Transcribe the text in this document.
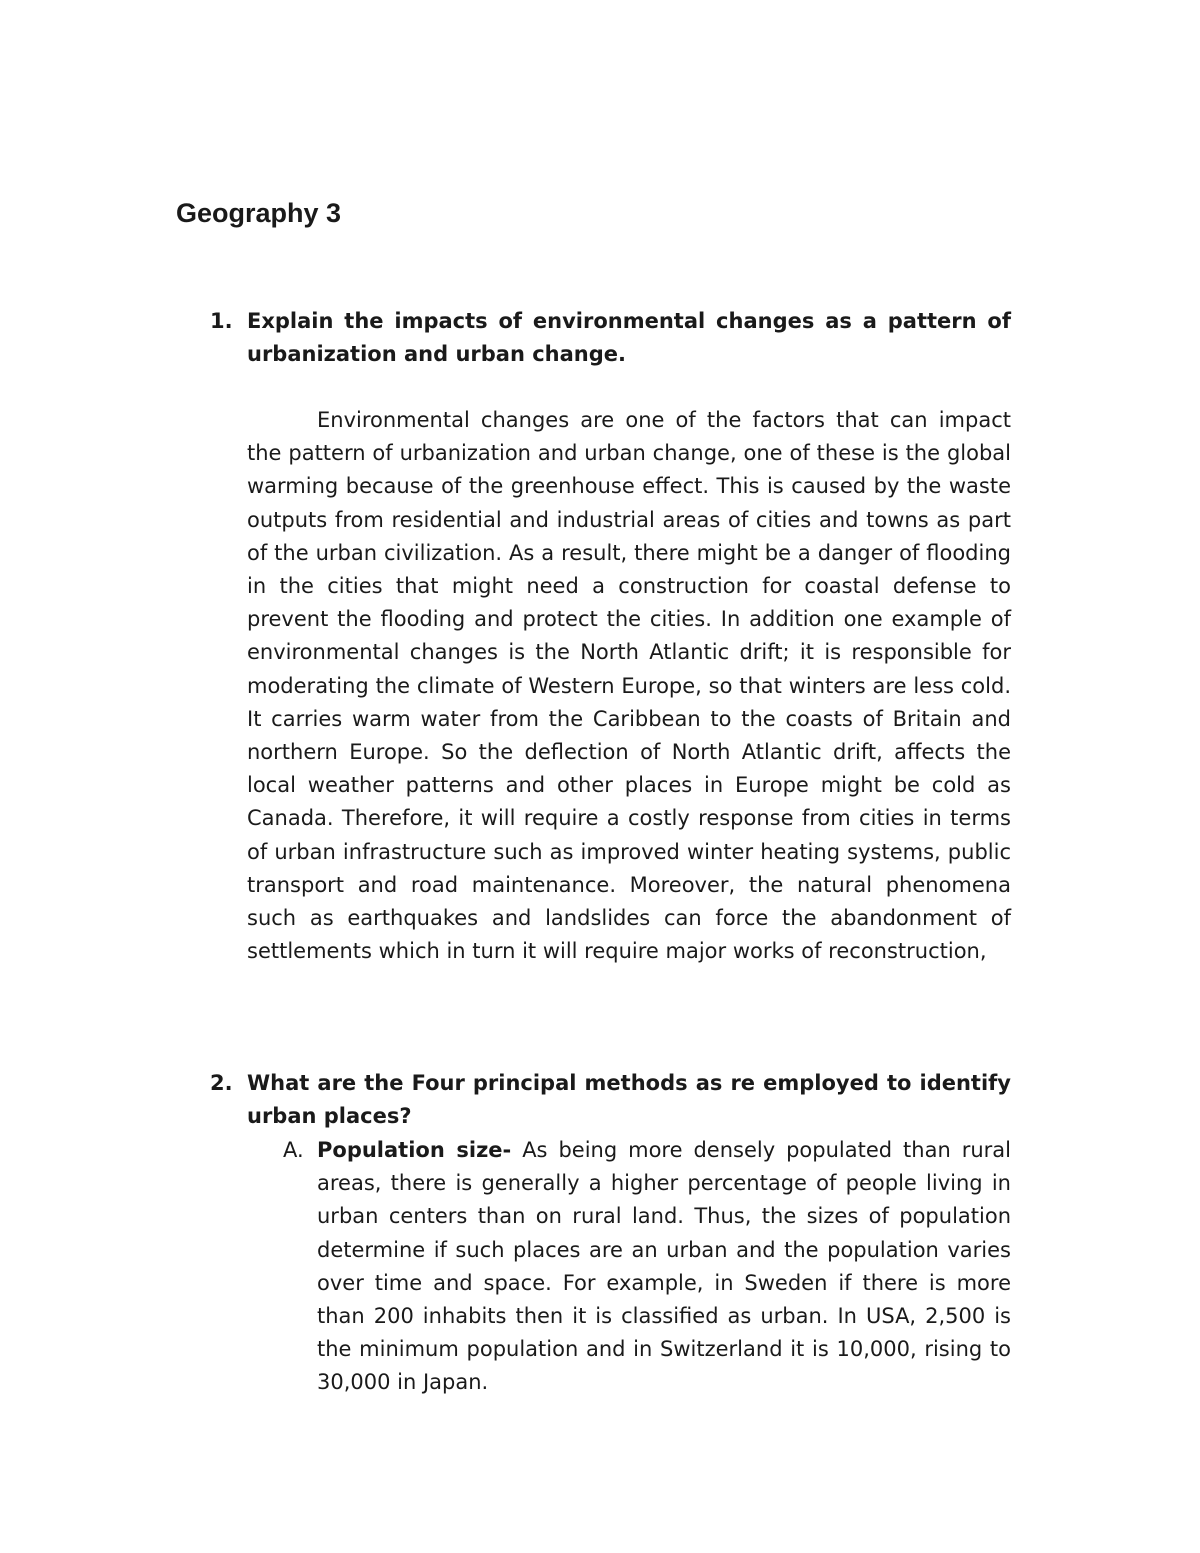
Geography 3
1. Explain the impacts of environmental changes as a pattern of urbanization and urban change.

Environmental changes are one of the factors that can impact the pattern of urbanization and urban change, one of these is the global warming because of the greenhouse effect. This is caused by the waste outputs from residential and industrial areas of cities and towns as part of the urban civilization. As a result, there might be a danger of flooding in the cities that might need a construction for coastal defense to prevent the flooding and protect the cities. In addition one example of environmental changes is the North Atlantic drift; it is responsible for moderating the climate of Western Europe, so that winters are less cold. It carries warm water from the Caribbean to the coasts of Britain and northern Europe. So the deflection of North Atlantic drift, affects the local weather patterns and other places in Europe might be cold as Canada. Therefore, it will require a costly response from cities in terms of urban infrastructure such as improved winter heating systems, public transport and road maintenance. Moreover, the natural phenomena such as earthquakes and landslides can force the abandonment of settlements which in turn it will require major works of reconstruction,

2. What are the Four principal methods as re employed to identify urban places?

A. Population size- As being more densely populated than rural areas, there is generally a higher percentage of people living in urban centers than on rural land. Thus, the sizes of population determine if such places are an urban and the population varies over time and space. For example, in Sweden if there is more than 200 inhabits then it is classified as urban. In USA, 2,500 is the minimum population and in Switzerland it is 10,000, rising to 30,000 in Japan.
